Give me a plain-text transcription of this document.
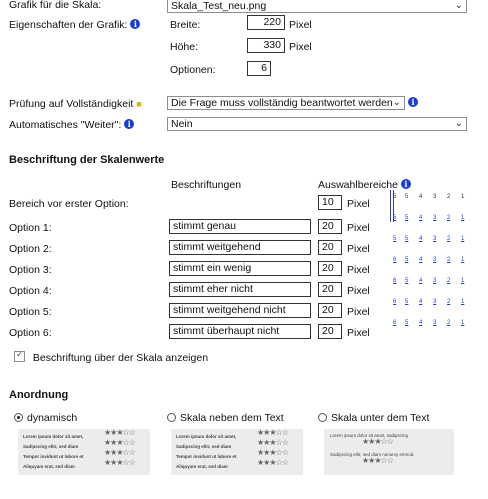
Grafik für die Skala:	Skala_Test_neu.png	⌄
Eigenschaften der Grafik: i	Breite:	220 Pixel
Höhe:	330 Pixel
Optionen:	6
Prüfung auf Vollständigkeit ■	Die Frage muss vollständig beantwortet werden ⌄	i
Automatisches "Weiter": i	Nein	⌄
Beschriftung der Skalenwerte
Beschriftungen	Auswahlbereiche i
Bereich vor erster Option:	10	Pixel
Option 1:	stimmt genau	20	Pixel
Option 2:	stimmt weitgehend	20	Pixel
Option 3:	stimmt ein wenig	20	Pixel
Option 4:	stimmt eher nicht	20	Pixel
Option 5:	stimmt weitgehend nicht	20	Pixel
Option 6:	stimmt überhaupt nicht	20	Pixel
5 5 4 3 2 1
5 5 4 3 2 1
5 5 4 3 2 1
6 5 4 3 2 1
6 5 4 3 2 1
6 5 4 3 2 1
6 5 4 3 2 1
✓ Beschriftung über der Skala anzeigen
Anordnung
dynamisch	Skala neben dem Text	Skala unter dem Text
Lorem ipsum dolor sit amet,	★★★☆☆
Sadipscing elitr, sed diam	★★★☆☆
Tempor invidunt ut labore et	★★★☆☆
Aliquyam erat, sed diam	★★★☆☆
Lorem ipsum dolor sit amet,	★★★☆☆
Sadipscing elitr, sed diam	★★★☆☆
Tempor invidunt ut labore et	★★★☆☆
Aliquyam erat, sed diam	★★★☆☆
Lorem ipsum dolor sit amet, sadipscing
★★★☆☆
Sadipscing elitr, sed diam nonumy eirmod.
★★★☆☆
